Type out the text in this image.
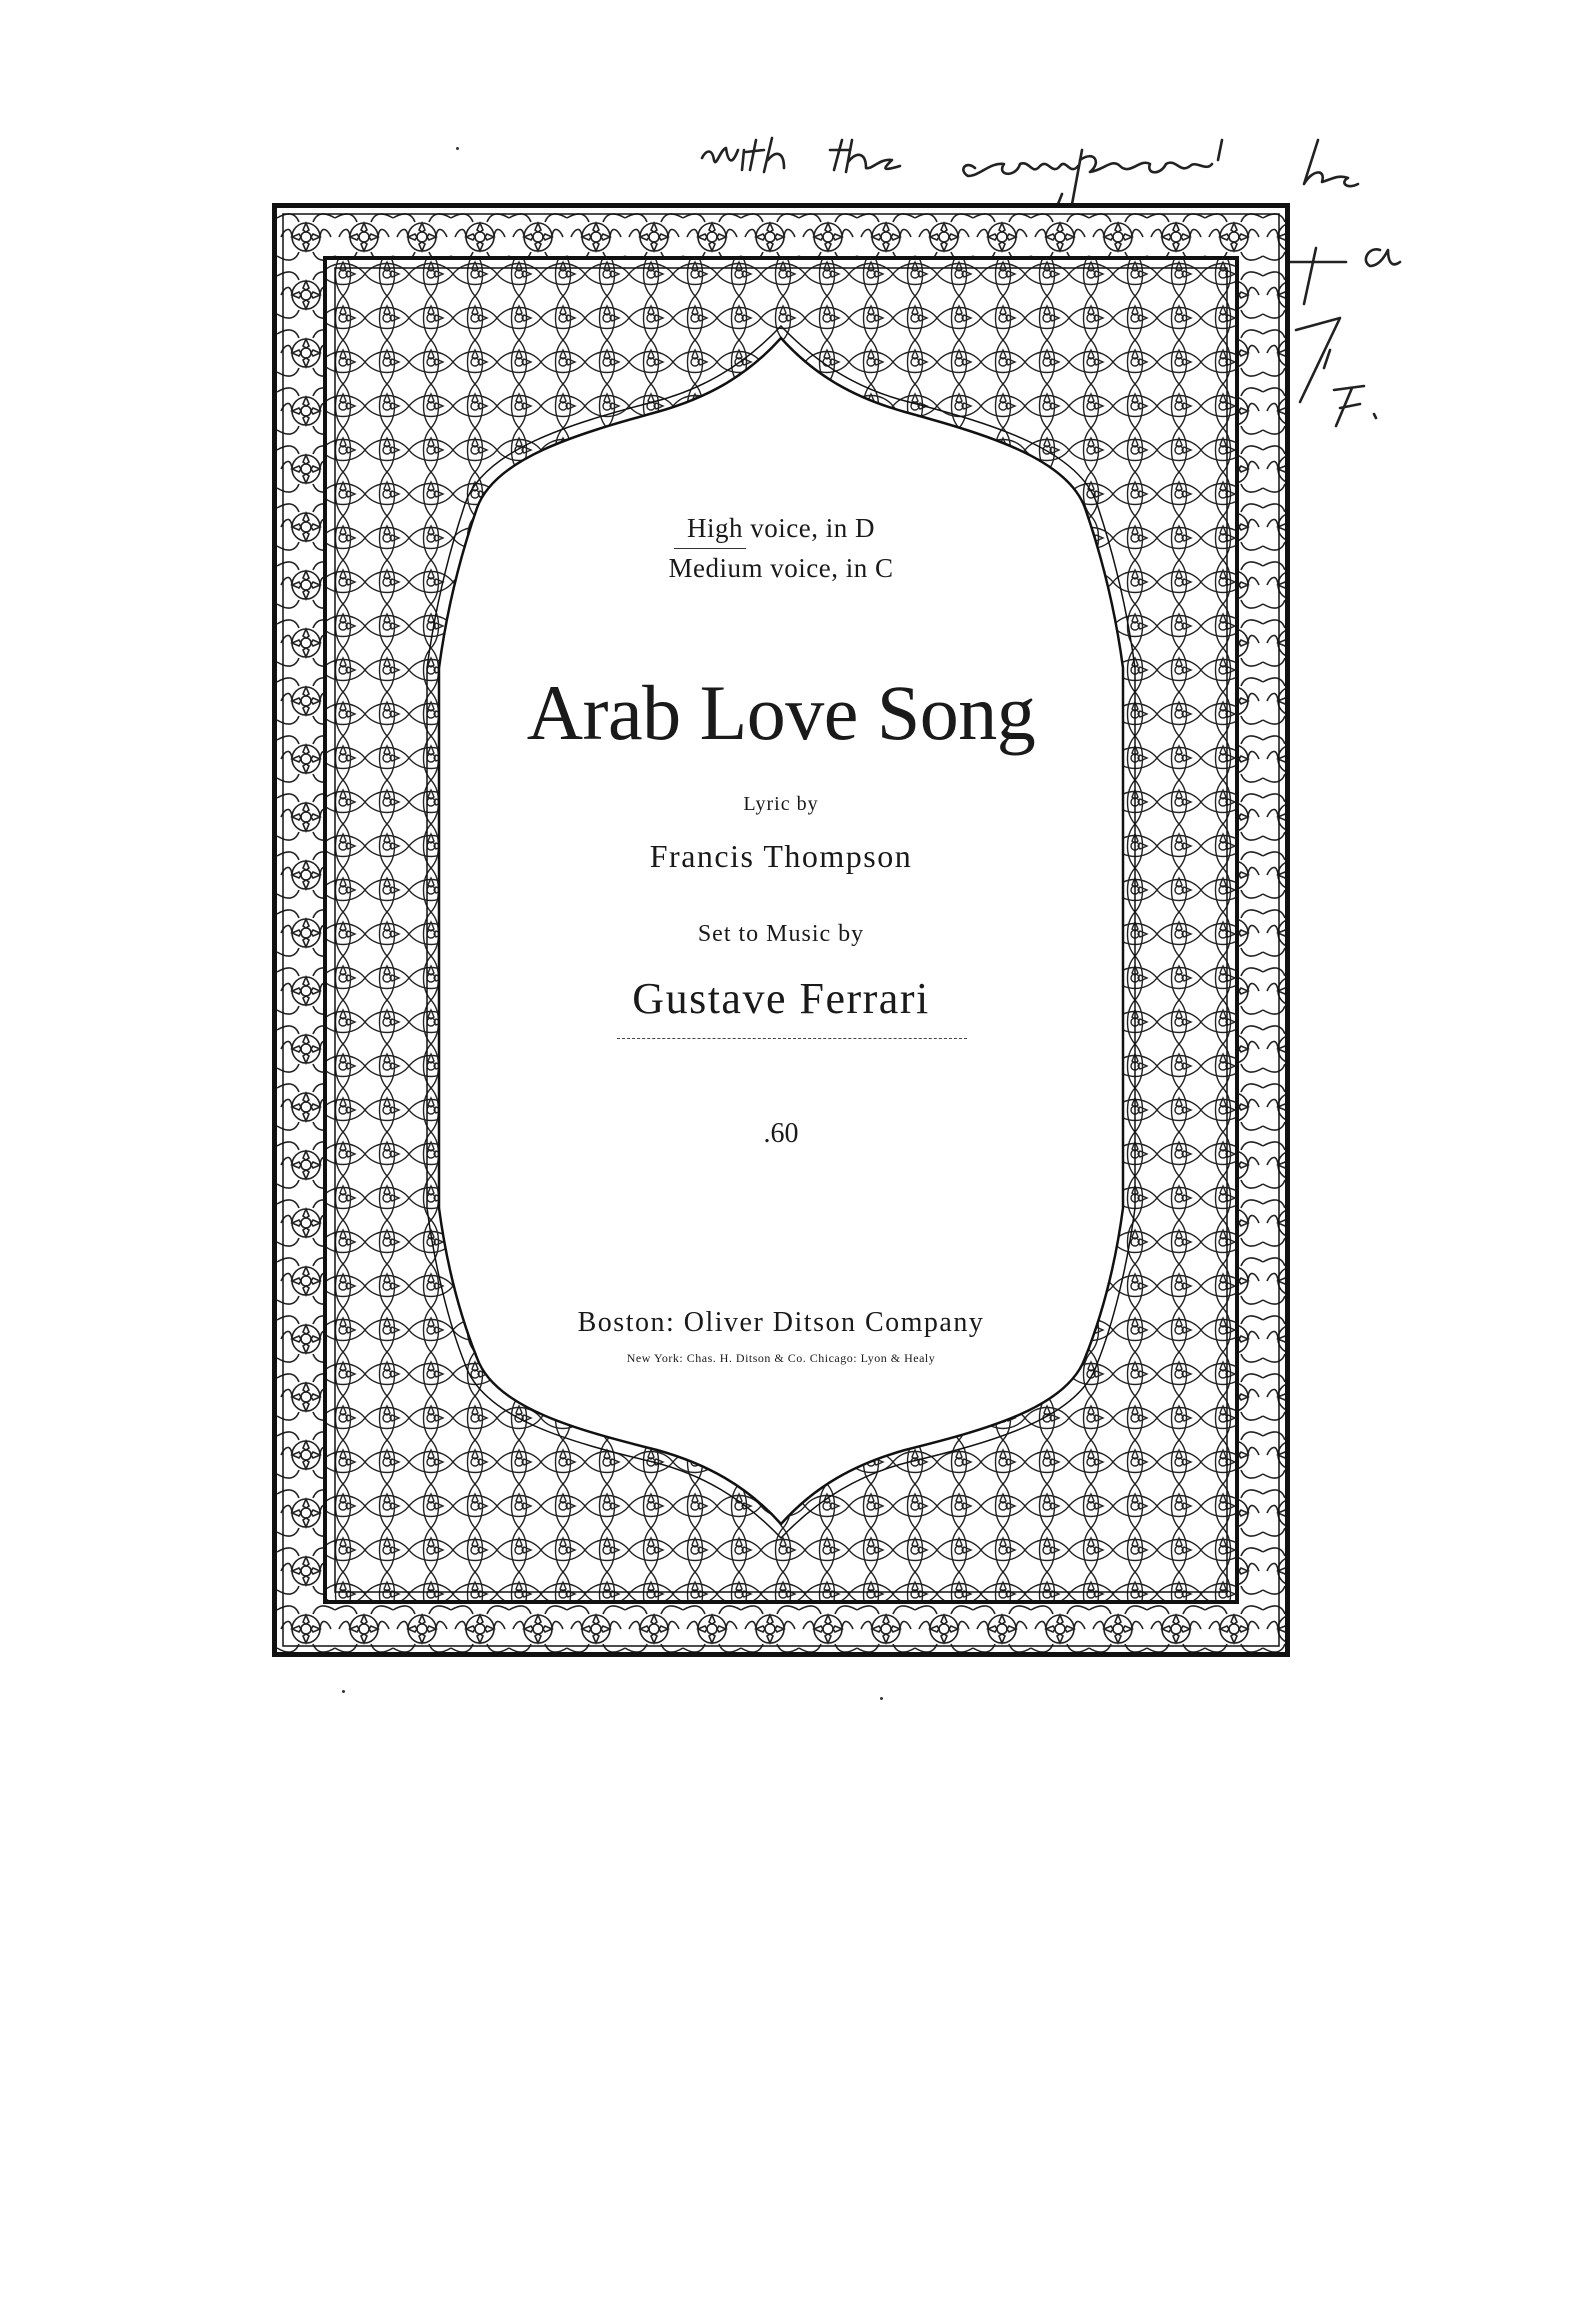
High voice, in D
Medium voice, in C
Arab Love Song
Lyric by
Francis Thompson
Set to Music by
Gustave Ferrari
.60
Boston: Oliver Ditson Company
New York: Chas. H. Ditson & Co. Chicago: Lyon & Healy
